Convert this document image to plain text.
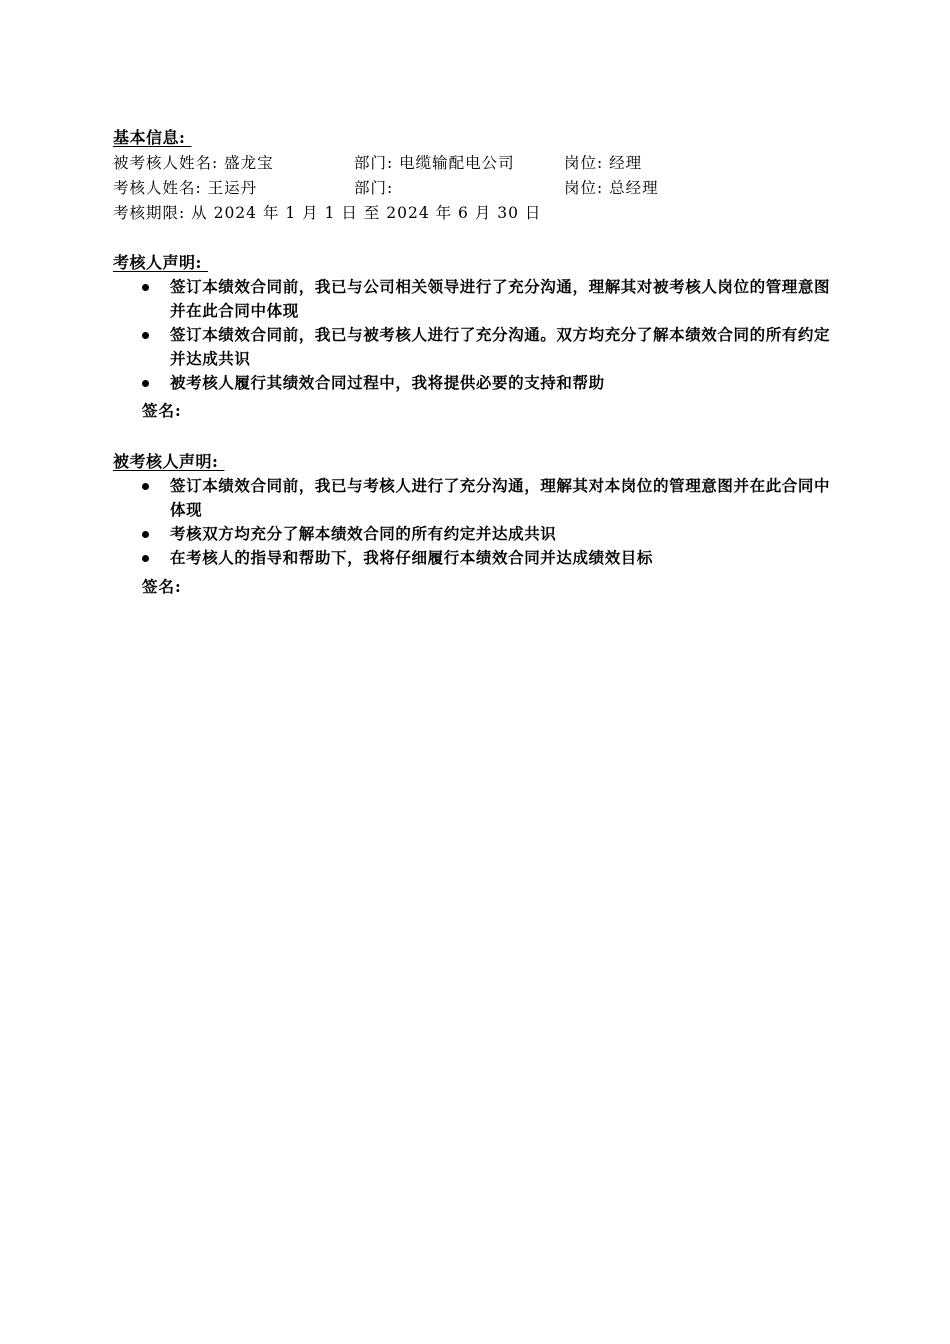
基本信息:
被考核人姓名: 盛龙宝	部门: 电缆输配电公司	岗位: 经理
考核人姓名: 王运丹	部门:	岗位: 总经理
考核期限: 从 2024 年 1 月 1 日 至 2024 年 6 月 30 日
考核人声明:
签订本绩效合同前，我已与公司相关领导进行了充分沟通，理解其对被考核人岗位的管理意图并在此合同中体现
签订本绩效合同前，我已与被考核人进行了充分沟通。双方均充分了解本绩效合同的所有约定并达成共识
被考核人履行其绩效合同过程中，我将提供必要的支持和帮助
签名:
被考核人声明:
签订本绩效合同前，我已与考核人进行了充分沟通，理解其对本岗位的管理意图并在此合同中体现
考核双方均充分了解本绩效合同的所有约定并达成共识
在考核人的指导和帮助下，我将仔细履行本绩效合同并达成绩效目标
签名:
